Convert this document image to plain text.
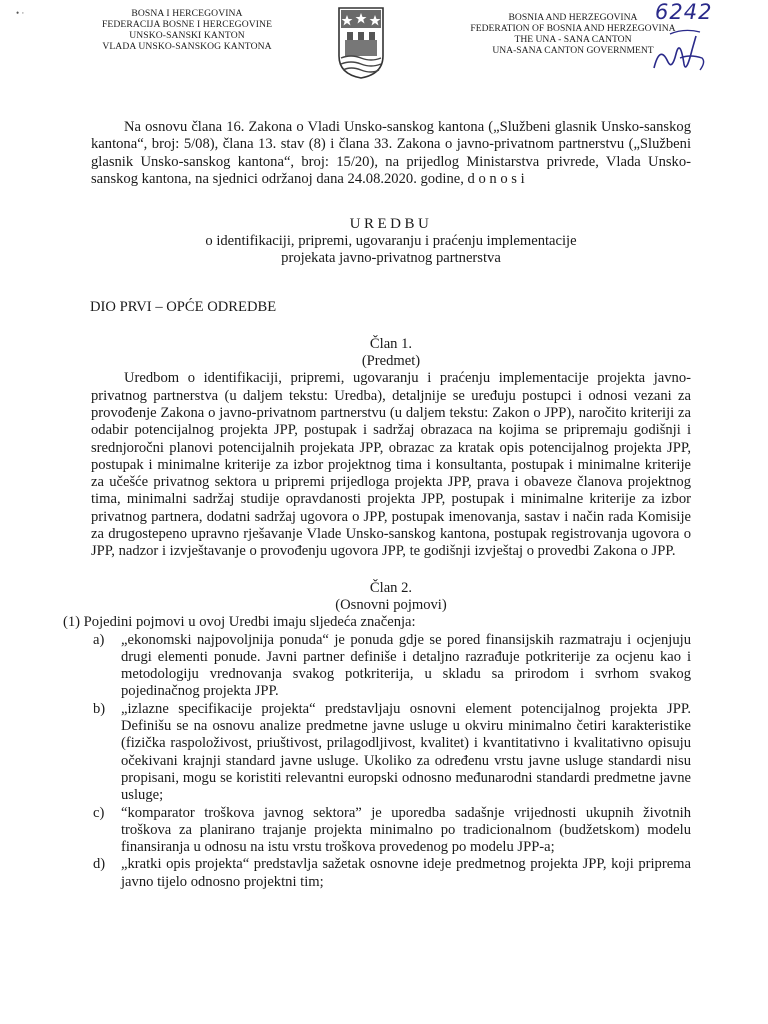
• ·	BOSNA I HERCEGOVINA
FEDERACIJA BOSNE I HERCEGOVINE
UNSKO-SANSKI KANTON
VLADA UNSKO-SANSKOG KANTONA
BOSNIA AND HERZEGOVINA
FEDERATION OF BOSNIA AND HERZEGOVINA
THE UNA - SANA CANTON
UNA-SANA CANTON GOVERNMENT
6242

Na osnovu člana 16. Zakona o Vladi Unsko-sanskog kantona („Službeni glasnik Unsko-sanskog kantona“, broj: 5/08), člana 13. stav (8) i člana 33. Zakona o javno-privatnom partnerstvu („Službeni glasnik Unsko-sanskog kantona“, broj: 15/20), na prijedlog Ministarstva privrede, Vlada Unsko-sanskog kantona, na sjednici održanoj dana 24.08.2020. godine, d o n o s i

UREDBU

o identifikaciji, pripremi, ugovaranju i praćenju implementacije

projekata javno-privatnog partnerstva

DIO PRVI – OPĆE ODREDBE

Član 1.

(Predmet)

Uredbom o identifikaciji, pripremi, ugovaranju i praćenju implementacije projekta javno-privatnog partnerstva (u daljem tekstu: Uredba), detaljnije se uređuju postupci i odnosi vezani za provođenje Zakona o javno-privatnom partnerstvu (u daljem tekstu: Zakon o JPP), naročito kriteriji za odabir potencijalnog projekta JPP, postupak i sadržaj obrazaca na kojima se pripremaju godišnji i srednjoročni planovi potencijalnih projekata JPP, obrazac za kratak opis potencijalnog projekta JPP, postupak i minimalne kriterije za izbor projektnog tima i konsultanta, postupak i minimalne kriterije za učešće privatnog sektora u pripremi prijedloga projekta JPP, prava i obaveze članova projektnog tima, minimalni sadržaj studije opravdanosti projekta JPP, postupak i minimalne kriterije za izbor privatnog partnera, dodatni sadržaj ugovora o JPP, postupak imenovanja, sastav i način rada Komisije za drugostepeno upravno rješavanje Vlade Unsko-sanskog kantona, postupak registrovanja ugovora o JPP, nadzor i izvještavanje o provođenju ugovora JPP, te godišnji izvještaj o provedbi Zakona o JPP.

Član 2.

(Osnovni pojmovi)

(1) Pojedini pojmovi u ovoj Uredbi imaju sljedeća značenja:

a)	„ekonomski najpovoljnija ponuda“ je ponuda gdje se pored finansijskih razmatraju i ocjenjuju drugi elementi ponude. Javni partner definiše i detaljno razrađuje potkriterije za ocjenu kao i metodologiju vrednovanja svakog potkriterija, u skladu sa prirodom i svrhom svakog pojedinačnog projekta JPP.
b)	„izlazne specifikacije projekta“ predstavljaju osnovni element potencijalnog projekta JPP. Definišu se na osnovu analize predmetne javne usluge u okviru minimalno četiri karakteristike (fizička raspoloživost, priuštivost, prilagodljivost, kvalitet) i kvantitativno i kvalitativno opisuju očekivani krajnji standard javne usluge. Ukoliko za određenu vrstu javne usluge standardi nisu propisani, mogu se koristiti relevantni europski odnosno međunarodni standardi predmetne javne usluge;
c)	“komparator troškova javnog sektora” je uporedba sadašnje vrijednosti ukupnih životnih troškova za planirano trajanje projekta minimalno po tradicionalnom (budžetskom) modelu finansiranja u odnosu na istu vrstu troškova provedenog po modelu JPP-a;
d)	„kratki opis projekta“ predstavlja sažetak osnovne ideje predmetnog projekta JPP, koji priprema javno tijelo odnosno projektni tim;
